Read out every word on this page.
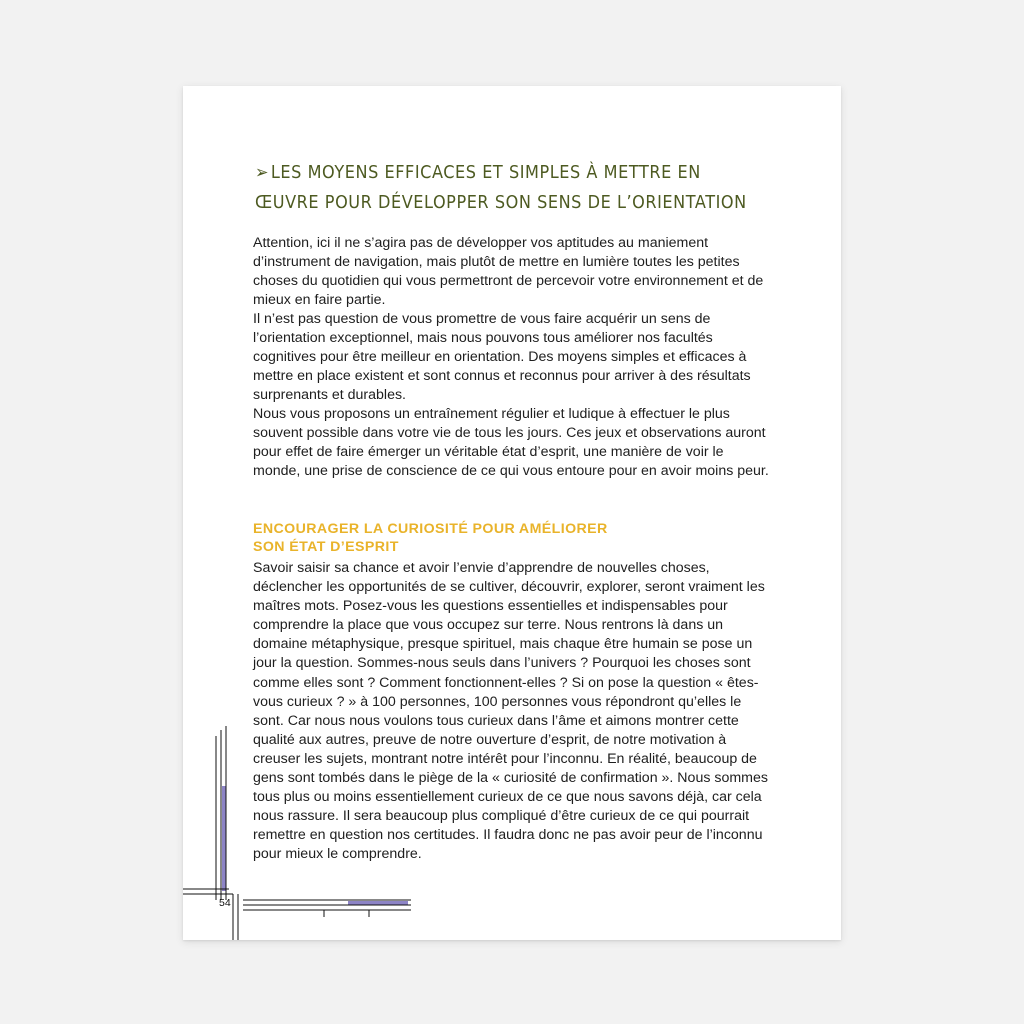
➢ LES MOYENS EFFICACES ET SIMPLES À METTRE EN ŒUVRE POUR DÉVELOPPER SON SENS DE L’ORIENTATION

Attention, ici il ne s’agira pas de développer vos aptitudes au maniement d’instrument de navigation, mais plutôt de mettre en lumière toutes les petites choses du quotidien qui vous permettront de percevoir votre environnement et de mieux en faire partie.

Il n’est pas question de vous promettre de vous faire acquérir un sens de l’orientation exceptionnel, mais nous pouvons tous améliorer nos facultés cognitives pour être meilleur en orientation. Des moyens simples et efficaces à mettre en place existent et sont connus et reconnus pour arriver à des résultats surprenants et durables.

Nous vous proposons un entraînement régulier et ludique à effectuer le plus souvent possible dans votre vie de tous les jours. Ces jeux et observations auront pour effet de faire émerger un véritable état d’esprit, une manière de voir le monde, une prise de conscience de ce qui vous entoure pour en avoir moins peur.

ENCOURAGER LA CURIOSITÉ POUR AMÉLIORER
SON ÉTAT D’ESPRIT

Savoir saisir sa chance et avoir l’envie d’apprendre de nouvelles choses, déclencher les opportunités de se cultiver, découvrir, explorer, seront vraiment les maîtres mots. Posez-vous les questions essentielles et indispensables pour comprendre la place que vous occupez sur terre. Nous rentrons là dans un domaine métaphysique, presque spirituel, mais chaque être humain se pose un jour la question. Sommes-nous seuls dans l’univers ? Pourquoi les choses sont comme elles sont ? Comment fonctionnent-elles ? Si on pose la question « êtes-vous curieux ? » à 100 personnes, 100 personnes vous répondront qu’elles le sont. Car nous nous voulons tous curieux dans l’âme et aimons montrer cette qualité aux autres, preuve de notre ouverture d’esprit, de notre motivation à creuser les sujets, montrant notre intérêt pour l’inconnu. En réalité, beaucoup de gens sont tombés dans le piège de la « curiosité de confirmation ». Nous sommes tous plus ou moins essentiellement curieux de ce que nous savons déjà, car cela nous rassure. Il sera beaucoup plus compliqué d’être curieux de ce qui pourrait remettre en question nos certitudes. Il faudra donc ne pas avoir peur de l’inconnu pour mieux le comprendre.

54
